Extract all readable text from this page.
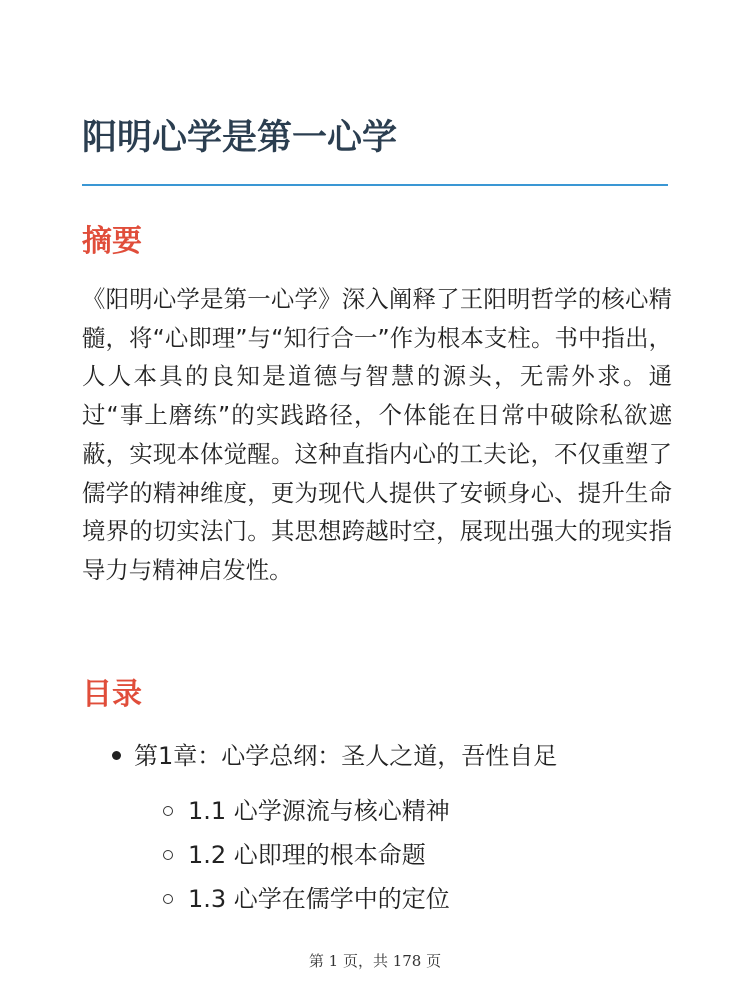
阳明心学是第一心学
摘要
《阳明心学是第一心学》深入阐释了王阳明哲学的核心精髓，将“心即理”与“知行合一”作为根本支柱。书中指出，人人本具的良知是道德与智慧的源头，无需外求。通过“事上磨练”的实践路径，个体能在日常中破除私欲遮蔽，实现本体觉醒。这种直指内心的工夫论，不仅重塑了儒学的精神维度，更为现代人提供了安顿身心、提升生命境界的切实法门。其思想跨越时空，展现出强大的现实指导力与精神启发性。
目录
第1章：心学总纲：圣人之道，吾性自足
1.1 心学源流与核心精神
1.2 心即理的根本命题
1.3 心学在儒学中的定位
第 1 页，共 178 页
